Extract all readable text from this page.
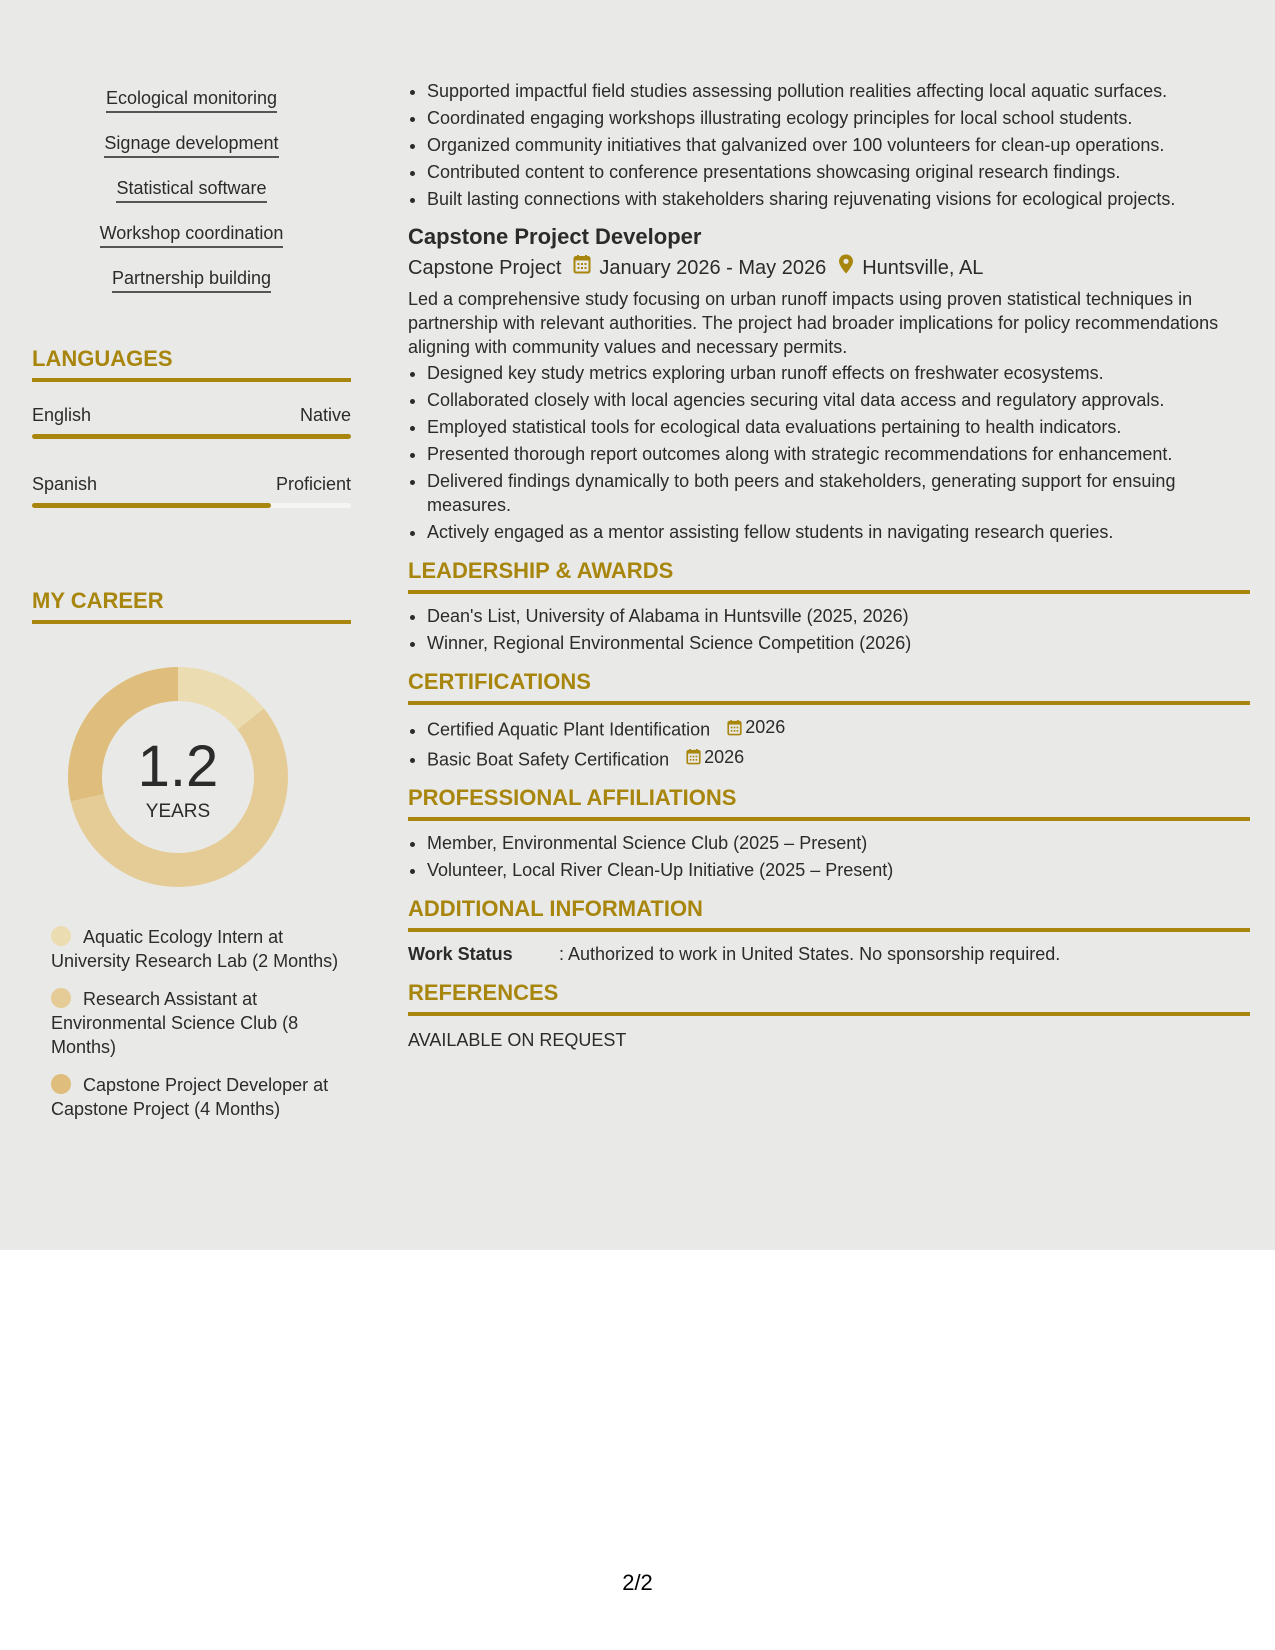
Ecological monitoring
Signage development
Statistical software
Workshop coordination
Partnership building
LANGUAGES
English	Native
Spanish	Proficient
MY CAREER
1.2
YEARS
Aquatic Ecology Intern at University Research Lab (2 Months)
Research Assistant at Environmental Science Club (8 Months)
Capstone Project Developer at Capstone Project (4 Months)
• Supported impactful field studies assessing pollution realities affecting local aquatic surfaces.
• Coordinated engaging workshops illustrating ecology principles for local school students.
• Organized community initiatives that galvanized over 100 volunteers for clean-up operations.
• Contributed content to conference presentations showcasing original research findings.
• Built lasting connections with stakeholders sharing rejuvenating visions for ecological projects.
Capstone Project Developer
Capstone Project January 2026 - May 2026 Huntsville, AL

Led a comprehensive study focusing on urban runoff impacts using proven statistical techniques in partnership with relevant authorities. The project had broader implications for policy recommendations aligning with community values and necessary permits.

• Designed key study metrics exploring urban runoff effects on freshwater ecosystems.
• Collaborated closely with local agencies securing vital data access and regulatory approvals.
• Employed statistical tools for ecological data evaluations pertaining to health indicators.
• Presented thorough report outcomes along with strategic recommendations for enhancement.
• Delivered findings dynamically to both peers and stakeholders, generating support for ensuing measures.
• Actively engaged as a mentor assisting fellow students in navigating research queries.
LEADERSHIP & AWARDS
• Dean's List, University of Alabama in Huntsville (2025, 2026)
• Winner, Regional Environmental Science Competition (2026)
CERTIFICATIONS
• Certified Aquatic Plant Identification 2026
• Basic Boat Safety Certification 2026
PROFESSIONAL AFFILIATIONS
• Member, Environmental Science Club (2025 – Present)
• Volunteer, Local River Clean-Up Initiative (2025 – Present)
ADDITIONAL INFORMATION
Work Status	: Authorized to work in United States. No sponsorship required.
REFERENCES
AVAILABLE ON REQUEST
2/2
